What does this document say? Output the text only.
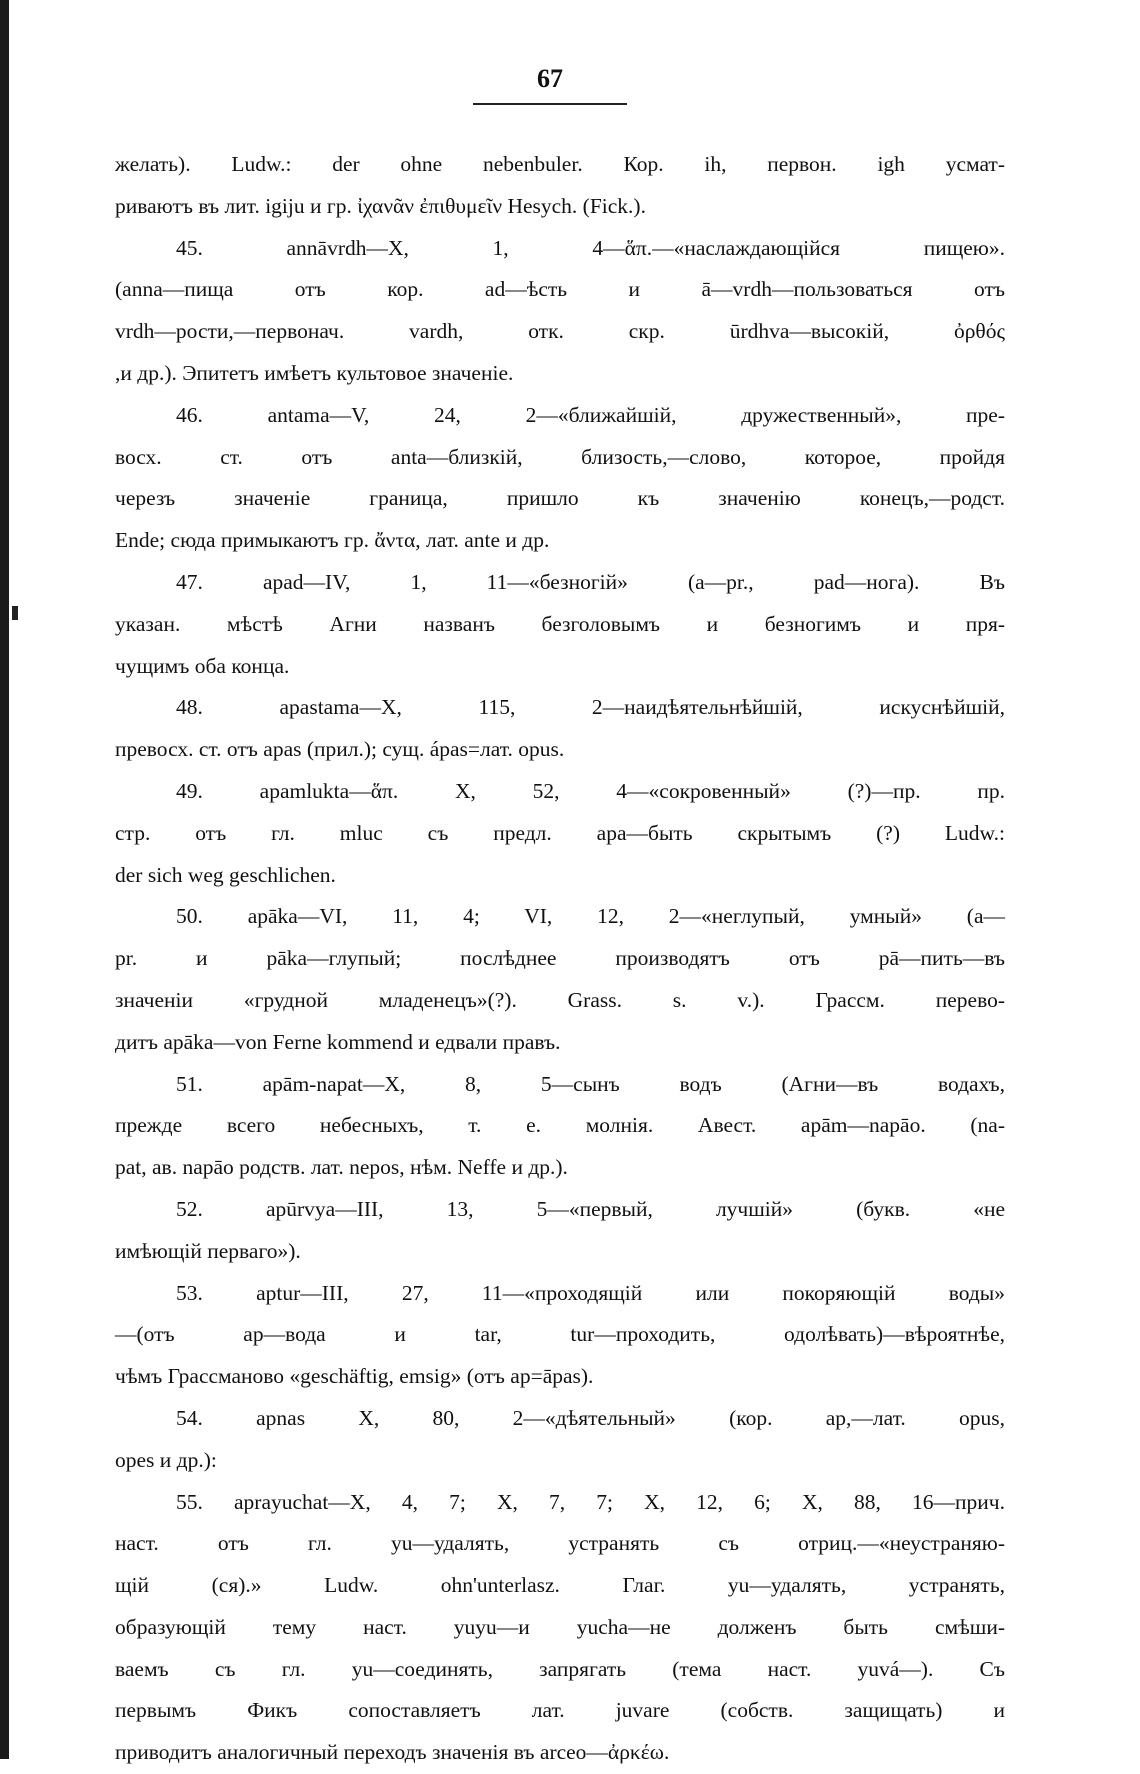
67
желать). Ludw.: der ohne nebenbuler. Кор. ih, первон. igh усмат-
риваютъ въ лит. igiju и гр. ἰχανᾶν ἐπιθυμεῖν Hesych. (Fick.).
45. annāvrdh—X, 1, 4—ἅπ.—«наслаждающiйся пищею».
(anna—пища отъ кор. ad—ѣсть и ā—vrdh—пользоваться отъ
vrdh—рости,—первонач. vardh, отк. скр. ūrdhva—высокiй, ὀρθός
,и др.). Эпитетъ имѣетъ культовое значенiе.
46. antama—V, 24, 2—«ближайшiй, дружественный», пре-
восх. ст. отъ anta—близкiй, близость,—слово, которое, пройдя
черезъ значенiе граница, пришло къ значенiю конецъ,—родст.
Ende; сюда примыкаютъ гр. ἄντα, лат. ante и др.
47. apad—IV, 1, 11—«безногiй» (a—pr., pad—нога). Въ
указан. мѣстѣ Агни названъ безголовымъ и безногимъ и пря-
чущимъ оба конца.
48. apastama—X, 115, 2—наидѣятельнѣйшiй, искуснѣйшiй,
превосх. ст. отъ apas (прил.); сущ. ápas=лат. opus.
49. apamlukta—ἅπ. X, 52, 4—«сокровенный» (?)—пр. пр.
стр. отъ гл. mluc съ предл. apa—быть скрытымъ (?) Ludw.:
der sich weg geschlichen.
50. apāka—VI, 11, 4; VI, 12, 2—«неглупый, умный» (a—
pr. и pāka—глупый; послѣднее производятъ отъ pā—пить—въ
значенiи «грудной младенецъ»(?). Grass. s. v.). Грассм. перево-
дитъ apāka—von Ferne kommend и едвали правъ.
51. apām-napat—X, 8, 5—сынъ водъ (Агни—въ водахъ,
прежде всего небесныхъ, т. е. молнiя. Авест. apām—napāo. (na-
pat, ав. napāo родств. лат. nepos, нѣм. Neffe и др.).
52. apūrvya—III, 13, 5—«первый, лучшiй» (букв. «не
имѣющiй перваго»).
53. aptur—III, 27, 11—«проходящiй или покоряющiй воды»
—(отъ ap—вода и tar, tur—проходить, одолѣвать)—вѣроятнѣе,
чѣмъ Грассманово «geschäftig, emsig» (отъ ap=āpas).
54. apnas X, 80, 2—«дѣятельный» (кор. ap,—лат. opus,
opes и др.):
55. aprayuchat—X, 4, 7; X, 7, 7; X, 12, 6; X, 88, 16—прич.
наст. отъ гл. yu—удалять, устранять съ отриц.—«неустраняю-
щiй (ся).» Ludw. ohn'unterlasz. Глаг. yu—удалять, устранять,
образующiй тему наст. yuyu—и yucha—не долженъ быть смѣши-
ваемъ съ гл. yu—соединять, запрягать (тема наст. yuvá—). Съ
первымъ Фикъ сопоставляетъ лат. juvare (собств. защищать) и
приводитъ аналогичный переходъ значенiя въ arceo—ἀρκέω.
